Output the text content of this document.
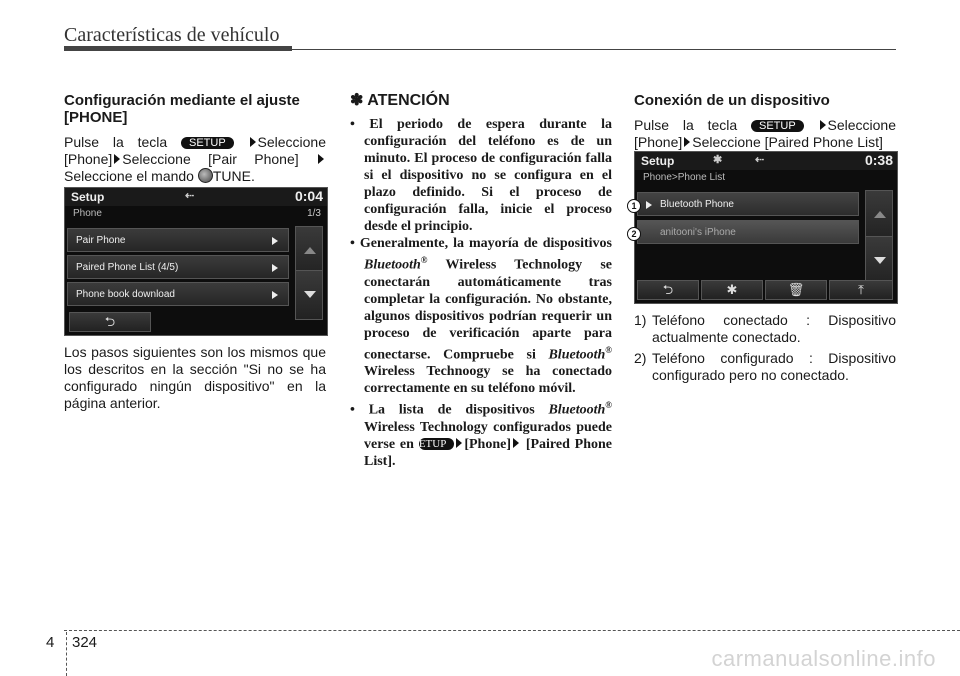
Características de vehículo
Configuración mediante el ajuste [PHONE]

Pulse la tecla SETUP Seleccione [Phone] Seleccione [Pair Phone]  Seleccione el mando TUNE.

Setup	⇠	0:04
Phone	1/3
Pair Phone
Paired Phone List (4/5)
Phone book download
⮌

Los pasos siguientes son los mismos que los descritos en la sección "Si no se ha configurado ningún dispositivo" en la página anterior.

✽ ATENCIÓN
• El periodo de espera durante la configuración del teléfono es de un minuto. El proceso de configuración falla si el dispositivo no se configura en el plazo definido. Si el proceso de configuración falla, inicie el proceso desde el principio.
• Generalmente, la mayoría de dispositivos Bluetooth® Wireless Technology se conectarán automáticamente tras completar la configuración. No obstante, algunos dispositivos podrían requerir un proceso de verificación aparte para conectarse. Compruebe si Bluetooth® Wireless Technoogy se ha conectado correctamente en su teléfono móvil.
• La lista de dispositivos Bluetooth® Wireless Technology configurados puede verse en SETUP [Phone] [Paired Phone List].
Conexión de un dispositivo

Pulse la tecla SETUP Seleccione [Phone] Seleccione [Paired Phone List]

Setup	✱	⇠	0:38
Phone>Phone List
Bluetooth Phone
anitooni's iPhone
⮌	✱	🗑	⤒
1
2
1) Teléfono conectado : Dispositivo actualmente conectado.
2) Teléfono configurado : Dispositivo configurado pero no conectado.
4 324
carmanualsonline.info
